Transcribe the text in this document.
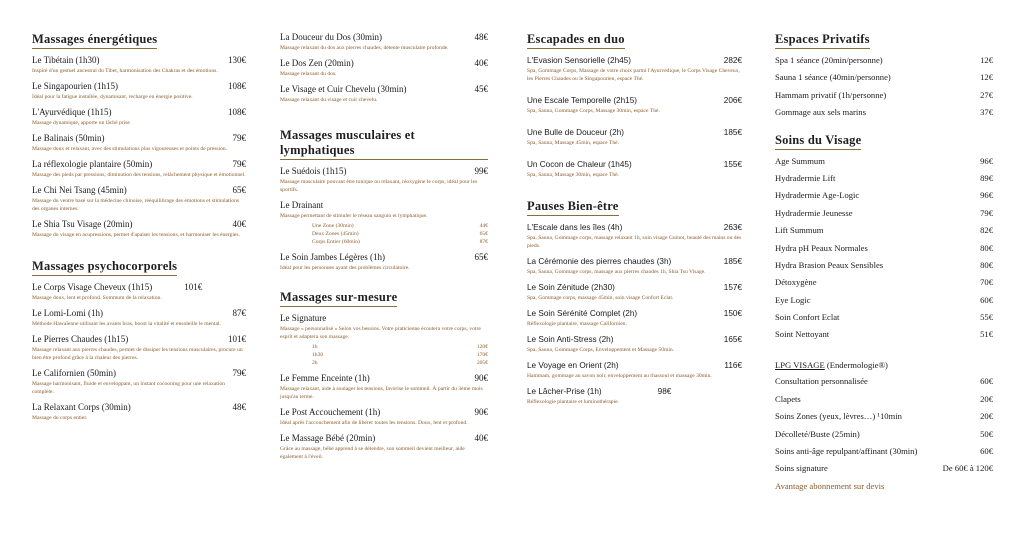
Massages énergétiques
Le Tibétain (1h30)	130€
Inspiré d'un gestuel ancestral du Tibet, harmonisation des Chakras et des émotions.
Le Singapourien (1h15)	108€
Idéal pour la fatigue installée, dynamisant, recharge en énergie positive.
L'Ayurvédique (1h15)	108€
Massage dynamique, apporte un lâché prise
Le Balinais (50min)	79€
Massage doux et relaxant, avec des stimulations plus vigoureuses et points de pression.
La réflexologie plantaire (50min)	79€
Massage des pieds par pressions; diminution des tensions, relâchement physique et émotionnel.
Le Chi Nei Tsang (45min)	65€
Massage du ventre basé sur la médecine chinoise, rééquilibrage des émotions et stimulations des organes internes.
Le Shia Tsu Visage (20min)	40€
Massage du visage en acupressions, permet d'apaiser les tensions, et harmoniser les énergies.
Massages psychocorporels
Le Corps Visage Cheveux (1h15)	101€
Massage doux, lent et profond. Sommum de la relaxation.
Le Lomi-Lomi (1h)	87€
Méthode Hawaïenne utilisant les avants bras, boost la vitalité et ensoleille le mental.
Le Pierres Chaudes (1h15)	101€
Massage relaxant aux pierres chaudes, permet de dissiper les tensions musculaires, procure un bien être profond grâce à la chaleur des pierres.
Le Californien (50min)	79€
Massage harmonisant, fluide et enveloppant, un instant cocooning pour une relaxation complète.
La Relaxant Corps (30min)	48€
Massage du corps entier.
La Douceur du Dos (30min)	48€
Massage relaxant du dos aux pierres chaudes, détente musculaire profonde.
Le Dos Zen (20min)	40€
Massage relaxant du dos.
Le Visage et Cuir Chevelu (30min)	45€
Massage relaxant du visage et cuir chevelu.
Massages musculaires et lymphatiques
Le Suédois (1h15)	99€
Massage musculaire pouvant être tonique ou relaxant, réoxygène le corps, idéal pour les sportifs.
Le Drainant
Massage permettant de stimuler le réseau sanguin et lymphatique.
Une Zone (30min)	44€
Deux Zones (45min)	65€
Corps Entier (60min)	87€
Le Soin Jambes Légères (1h)	65€
Idéal pour les personnes ayant des problèmes circulatoire.
Massages sur-mesure
Le Signature
Massage « personnalisé » Selon vos besoins. Votre praticienne écoutera votre corps, votre esprit et adaptera son massage.
1h	120€
1h30	170€
2h	205€
Le Femme Enceinte (1h)	90€
Massage relaxant, aide à soulager les tensions, favorise le sommeil. À partir du 3ème mois jusqu'au terme.
Le Post Accouchement (1h)	90€
Idéal après l'accouchement afin de libérer toutes les tensions. Doux, lent et profond.
Le Massage Bébé (20min)	40€
Grâce au massage, bébé apprend à se détendre, son sommeil devient meilleur, aide également à l'éveil.
Escapades en duo
L'Evasion Sensorielle (2h45)	282€
Spa, Gommage Corps, Massage de votre choix parmi l'Ayurvédique, le Corps Visage Cheveux, les Pierres Chaudes ou le Singapourien, espace Thé.
Une Escale Temporelle (2h15)	206€
Spa, Sauna, Gommage Corps, Massage 30min, espace Thé.
Une Bulle de Douceur (2h)	185€
Spa, Sauna, Massage 45min, espace Thé.
Un Cocon de Chaleur (1h45)	155€
Spa, Sauna, Massage 30min, espace Thé.
Pauses Bien-être
L'Escale dans les îles (4h)	263€
Spa, Sauna, Gommage corps, massage relaxant 1h, soin visage Guinot, beauté des mains ou des pieds.
La Cérémonie des pierres chaudes (3h)	185€
Spa, Sauna, Gommage corps, massage aux pierres chaudes 1h, Shia Tsu Visage.
Le Soin Zénitude (2h30)	157€
Spa, Gommage corps, massage 45min, soin visage Confort Eclat.
Le Soin Sérénité Complet (2h)	150€
Réflexologie plantaire, massage Californien.
Le Soin Anti-Stress (2h)	165€
Spa, Sauna, Gommage Corps, Enveloppement et Massage 50min.
Le Voyage en Orient (2h)	116€
Hammam, gommage au savon noir, enveloppement au rhassoul et massage 30min.
Le Lâcher-Prise (1h)	98€
Réflexologie plantaire et luminothérapie.
Espaces Privatifs
Spa 1 séance (20min/personne)	12€
Sauna 1 séance (40min/personne)	12€
Hammam privatif (1h/personne)	27€
Gommage aux sels marins	37€
Soins du Visage
Age Summum	96€
Hydradermie Lift	89€
Hydradermie Age-Logic	96€
Hydradermie Jeunesse	79€
Lift Summum	82€
Hydra pH Peaux Normales	80€
Hydra Brasion Peaux Sensibles	80€
Détoxygène	70€
Eye Logic	60€
Soin Confort Eclat	55€
Soint Nettoyant	51€
LPG VISAGE (Endermologie®)
Consultation personnalisée	60€
Clapets	20€
Soins Zones (yeux, lèvres…) ¹10min	20€
Décolleté/Buste (25min)	50€
Soins anti-âge repulpant/affinant (30min)	60€
Soins signature	De 60€ à 120€
Avantage abonnement sur devis
